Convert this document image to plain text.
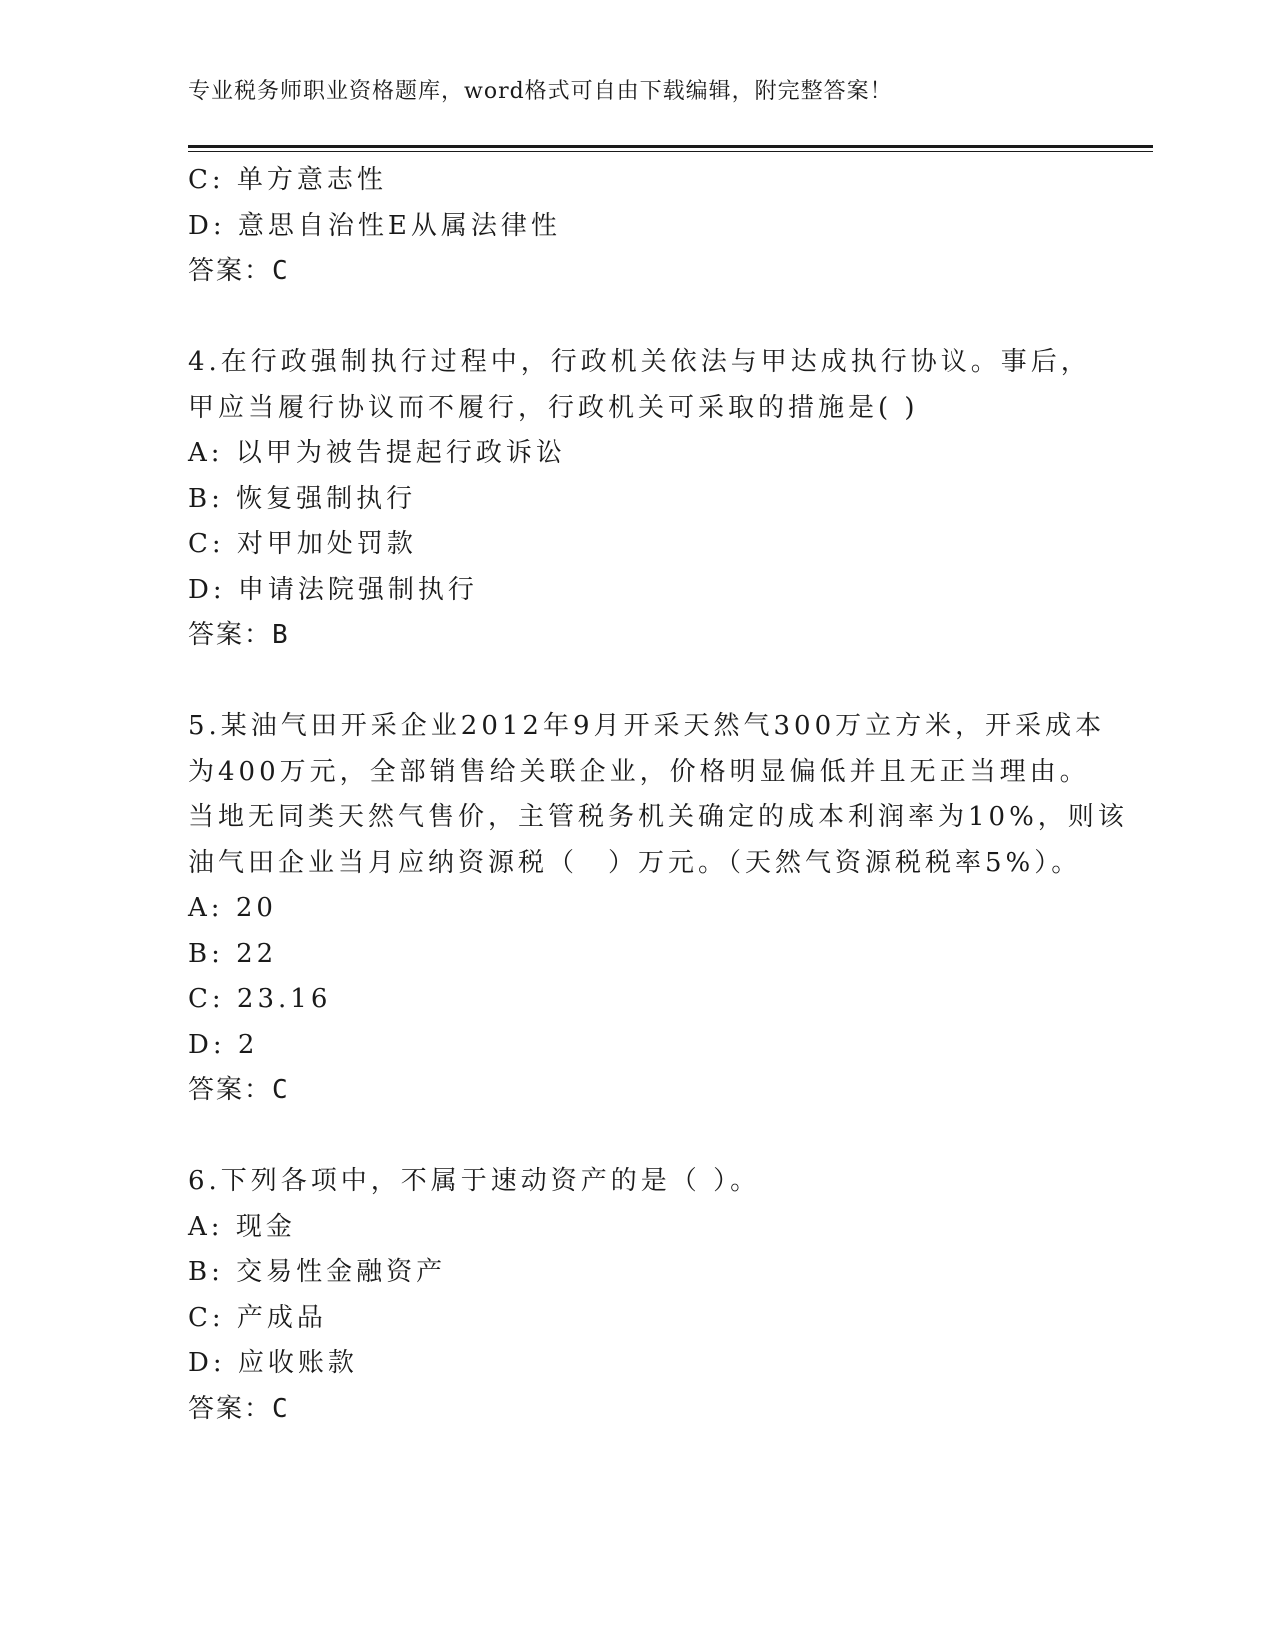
专业税务师职业资格题库，word格式可自由下载编辑，附完整答案！
C: 单方意志性
D: 意思自治性E从属法律性
答案：C
4.在行政强制执行过程中，行政机关依法与甲达成执行协议。事后，
甲应当履行协议而不履行，行政机关可采取的措施是( )
A: 以甲为被告提起行政诉讼
B: 恢复强制执行
C: 对甲加处罚款
D: 申请法院强制执行
答案：B
5.某油气田开采企业2012年9月开采天然气300万立方米，开采成本
为400万元，全部销售给关联企业，价格明显偏低并且无正当理由。
当地无同类天然气售价，主管税务机关确定的成本利润率为10%，则该
油气田企业当月应纳资源税（　）万元。（天然气资源税税率5%）。
A: 20
B: 22
C: 23.16
D: 2
答案：C
6.下列各项中，不属于速动资产的是（ ）。
A: 现金
B: 交易性金融资产
C: 产成品
D: 应收账款
答案：C
